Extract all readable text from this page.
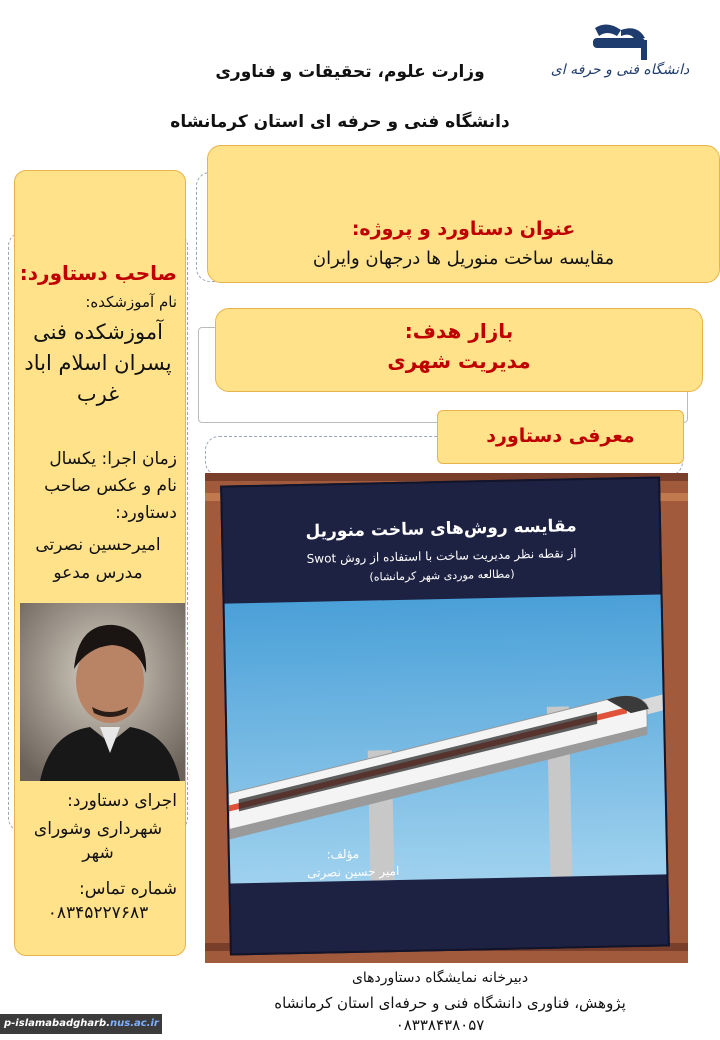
دانشگاه فنی و حرفه ای
وزارت علوم، تحقیقات و فناوری
دانشگاه فنی و حرفه ای استان کرمانشاه
عنوان دستاورد و پروژه:
مقایسه ساخت منوریل ها درجهان وایران
بازار هدف:
مدیریت شهری
معرفی دستاورد
صاحب دستاورد:
نام آموزشکده:
آموزشکده فنی پسران اسلام اباد غرب
زمان اجرا: یکسال
نام و عکس صاحب دستاورد:
امیرحسین نصرتی
مدرس مدعو
اجرای دستاورد:
شهرداری وشورای شهر
شماره تماس:
۰۸۳۴۵۲۲۷۶۸۳
مقایسه روش‌های ساخت منوریل
از نقطه نظر مدیریت ساخت با استفاده از روش Swot
(مطالعه موردی شهر کرمانشاه)
مؤلف:
امیر حسین نصرتی
دبیرخانه نمایشگاه دستاوردهای
پژوهش، فناوری دانشگاه فنی و حرفه‌ای استان کرمانشاه
۰۸۳۳۸۴۳۸۰۵۷
p-islamabadgharb.nus.ac.ir
